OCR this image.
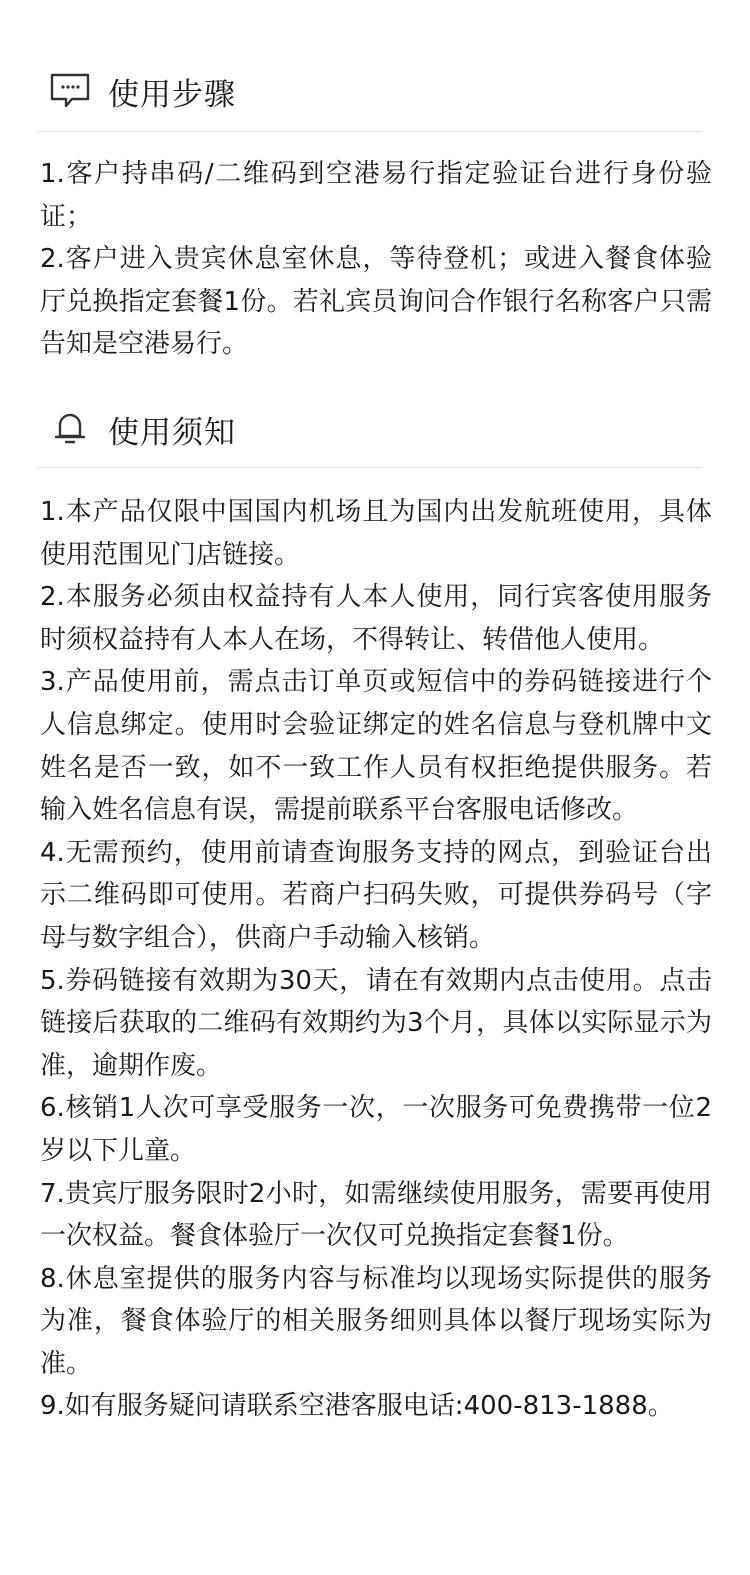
使用步骤

1.客户持串码/二维码到空港易行指定验证台进行身份验证；

2.客户进入贵宾休息室休息，等待登机；或进入餐食体验厅兑换指定套餐1份。若礼宾员询问合作银行名称客户只需告知是空港易行。

使用须知

1.本产品仅限中国国内机场且为国内出发航班使用，具体使用范围见门店链接。

2.本服务必须由权益持有人本人使用，同行宾客使用服务时须权益持有人本人在场，不得转让、转借他人使用。

3.产品使用前，需点击订单页或短信中的券码链接进行个人信息绑定。使用时会验证绑定的姓名信息与登机牌中文姓名是否一致，如不一致工作人员有权拒绝提供服务。若输入姓名信息有误，需提前联系平台客服电话修改。

4.无需预约，使用前请查询服务支持的网点，到验证台出示二维码即可使用。若商户扫码失败，可提供券码号（字母与数字组合），供商户手动输入核销。

5.券码链接有效期为30天，请在有效期内点击使用。点击链接后获取的二维码有效期约为3个月，具体以实际显示为准，逾期作废。

6.核销1人次可享受服务一次，一次服务可免费携带一位2岁以下儿童。

7.贵宾厅服务限时2小时，如需继续使用服务，需要再使用一次权益。餐食体验厅一次仅可兑换指定套餐1份。

8.休息室提供的服务内容与标准均以现场实际提供的服务为准，餐食体验厅的相关服务细则具体以餐厅现场实际为准。

9.如有服务疑问请联系空港客服电话:400-813-1888。
